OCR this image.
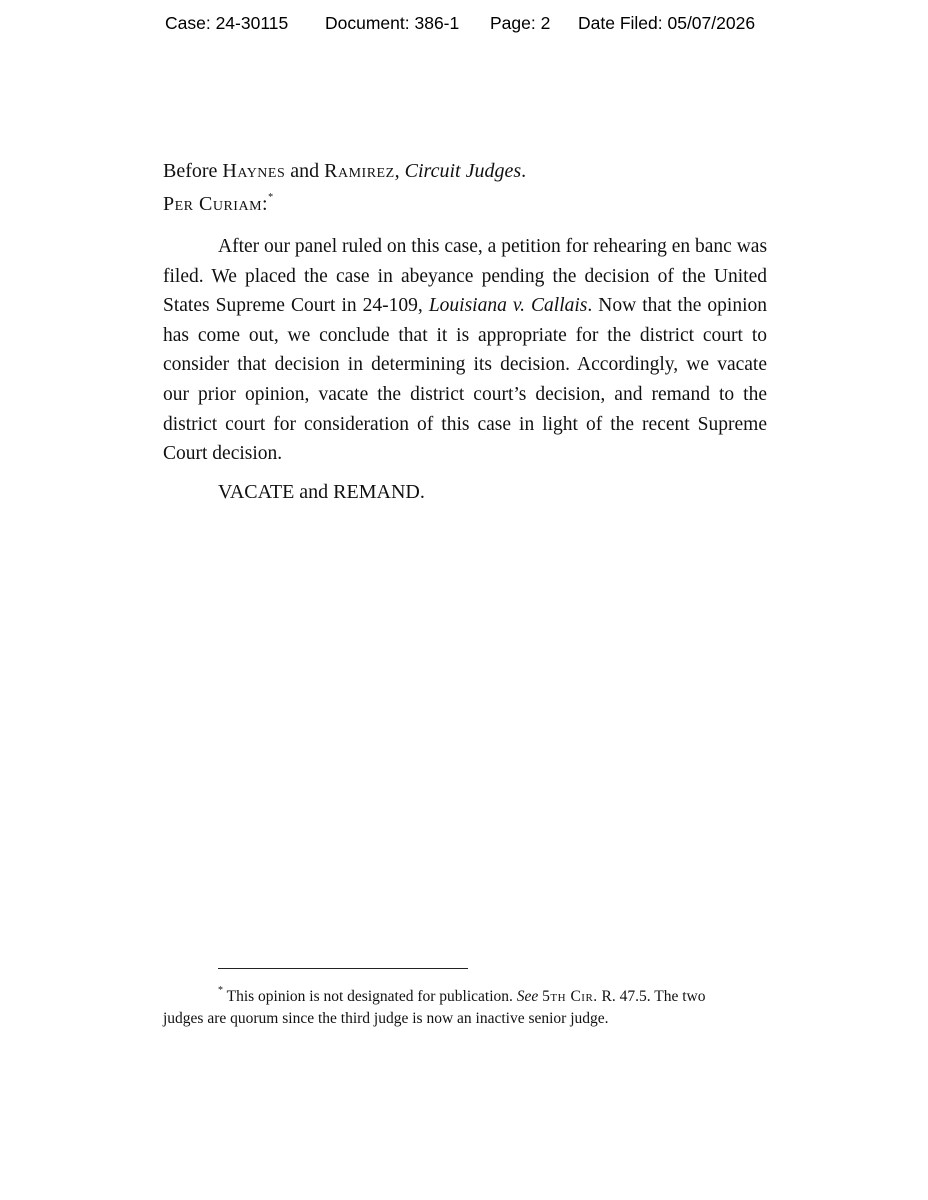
Case: 24-30115 Document: 386-1 Page: 2 Date Filed: 05/07/2026
Before Haynes and Ramirez, Circuit Judges.
Per Curiam:*
After our panel ruled on this case, a petition for rehearing en banc was
filed. We placed the case in abeyance pending the decision of the United
States Supreme Court in 24-109, Louisiana v. Callais. Now that the opinion
has come out, we conclude that it is appropriate for the district court to
consider that decision in determining its decision. Accordingly, we vacate
our prior opinion, vacate the district court’s decision, and remand to the
district court for consideration of this case in light of the recent Supreme
Court decision.
VACATE and REMAND.
* This opinion is not designated for publication. See 5th Cir. R. 47.5. The two
judges are quorum since the third judge is now an inactive senior judge.
